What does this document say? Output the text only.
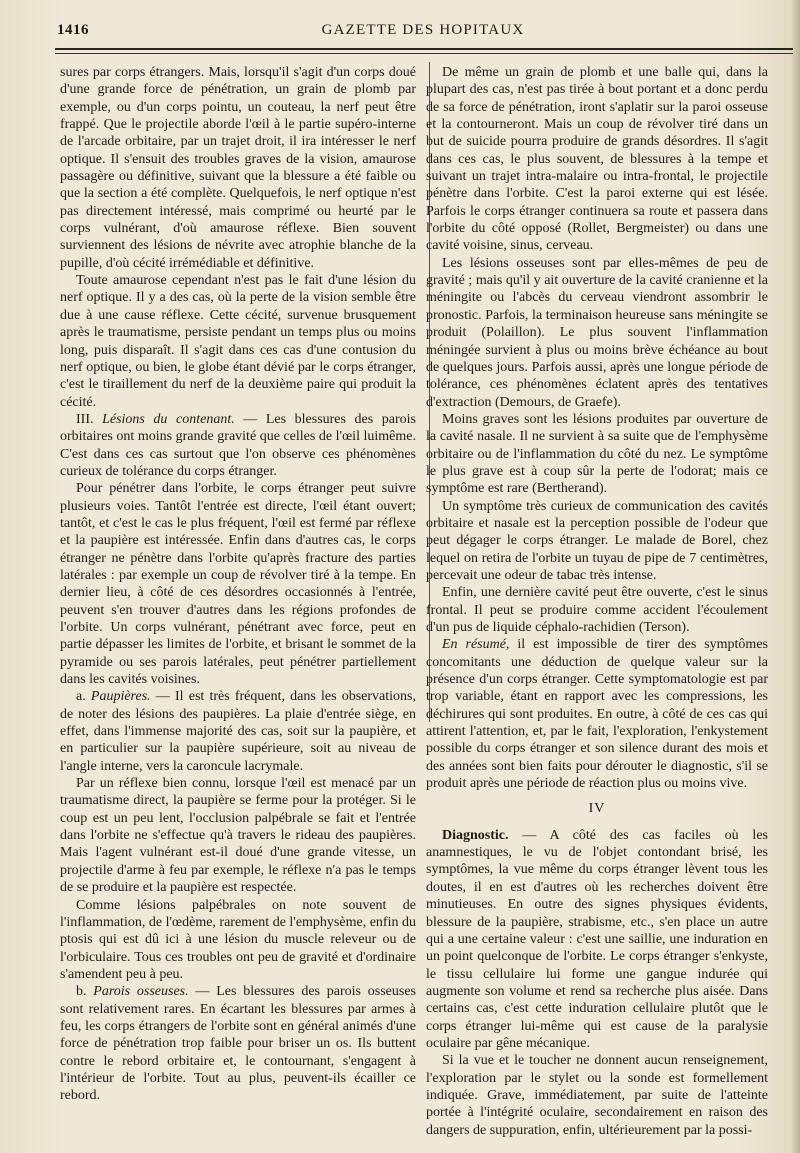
1416	GAZETTE DES HOPITAUX

sures par corps étrangers. Mais, lorsqu'il s'agit d'un corps doué d'une grande force de pénétration, un grain de plomb par exemple, ou d'un corps pointu, un couteau, la nerf peut être frappé. Que le projectile aborde l'œil à le partie supéro-interne de l'arcade orbitaire, par un trajet droit, il ira intéresser le nerf optique. Il s'ensuit des troubles graves de la vision, amaurose passagère ou définitive, suivant que la blessure a été faible ou que la section a été complète. Quelquefois, le nerf optique n'est pas directement intéressé, mais comprimé ou heurté par le corps vulnérant, d'où amaurose réflexe. Bien souvent surviennent des lésions de névrite avec atrophie blanche de la pupille, d'où cécité irrémédiable et définitive.

Toute amaurose cependant n'est pas le fait d'une lésion du nerf optique. Il y a des cas, où la perte de la vision semble être due à une cause réflexe. Cette cécité, survenue brusquement après le traumatisme, persiste pendant un temps plus ou moins long, puis disparaît. Il s'agit dans ces cas d'une contusion du nerf optique, ou bien, le globe étant dévié par le corps étranger, c'est le tiraillement du nerf de la deuxième paire qui produit la cécité.

III. Lésions du contenant. — Les blessures des parois orbitaires ont moins grande gravité que celles de l'œil luimême. C'est dans ces cas surtout que l'on observe ces phénomènes curieux de tolérance du corps étranger.

Pour pénétrer dans l'orbite, le corps étranger peut suivre plusieurs voies. Tantôt l'entrée est directe, l'œil étant ouvert; tantôt, et c'est le cas le plus fréquent, l'œil est fermé par réflexe et la paupière est intéressée. Enfin dans d'autres cas, le corps étranger ne pénètre dans l'orbite qu'après fracture des parties latérales : par exemple un coup de révolver tiré à la tempe. En dernier lieu, à côté de ces désordres occasionnés à l'entrée, peuvent s'en trouver d'autres dans les régions profondes de l'orbite. Un corps vulnérant, pénétrant avec force, peut en partie dépasser les limites de l'orbite, et brisant le sommet de la pyramide ou ses parois latérales, peut pénétrer partiellement dans les cavités voisines.

a. Paupières. — Il est très fréquent, dans les observations, de noter des lésions des paupières. La plaie d'entrée siège, en effet, dans l'immense majorité des cas, soit sur la paupière, et en particulier sur la paupière supérieure, soit au niveau de l'angle interne, vers la caroncule lacrymale.

Par un réflexe bien connu, lorsque l'œil est menacé par un traumatisme direct, la paupière se ferme pour la protéger. Si le coup est un peu lent, l'occlusion palpébrale se fait et l'entrée dans l'orbite ne s'effectue qu'à travers le rideau des paupières. Mais l'agent vulnérant est-il doué d'une grande vitesse, un projectile d'arme à feu par exemple, le réflexe n'a pas le temps de se produire et la paupière est respectée.

Comme lésions palpébrales on note souvent de l'inflammation, de l'œdème, rarement de l'emphysème, enfin du ptosis qui est dû ici à une lésion du muscle releveur ou de l'orbiculaire. Tous ces troubles ont peu de gravité et d'ordinaire s'amendent peu à peu.

b. Parois osseuses. — Les blessures des parois osseuses sont relativement rares. En écartant les blessures par armes à feu, les corps étrangers de l'orbite sont en général animés d'une force de pénétration trop faible pour briser un os. Ils buttent contre le rebord orbitaire et, le contournant, s'engagent à l'intérieur de l'orbite. Tout au plus, peuvent-ils écailler ce rebord.

De même un grain de plomb et une balle qui, dans la plupart des cas, n'est pas tirée à bout portant et a donc perdu de sa force de pénétration, iront s'aplatir sur la paroi osseuse et la contourneront. Mais un coup de révolver tiré dans un but de suicide pourra produire de grands désordres. Il s'agit dans ces cas, le plus souvent, de blessures à la tempe et suivant un trajet intra-malaire ou intra-frontal, le projectile pénètre dans l'orbite. C'est la paroi externe qui est lésée. Parfois le corps étranger continuera sa route et passera dans l'orbite du côté opposé (Rollet, Bergmeister) ou dans une cavité voisine, sinus, cerveau.

Les lésions osseuses sont par elles-mêmes de peu de gravité ; mais qu'il y ait ouverture de la cavité cranienne et la méningite ou l'abcès du cerveau viendront assombrir le pronostic. Parfois, la terminaison heureuse sans méningite se produit (Polaillon). Le plus souvent l'inflammation méningée survient à plus ou moins brève échéance au bout de quelques jours. Parfois aussi, après une longue période de tolérance, ces phénomènes éclatent après des tentatives d'extraction (Demours, de Graefe).

Moins graves sont les lésions produites par ouverture de la cavité nasale. Il ne survient à sa suite que de l'emphysème orbitaire ou de l'inflammation du côté du nez. Le symptôme le plus grave est à coup sûr la perte de l'odorat; mais ce symptôme est rare (Bertherand).

Un symptôme très curieux de communication des cavités orbitaire et nasale est la perception possible de l'odeur que peut dégager le corps étranger. Le malade de Borel, chez lequel on retira de l'orbite un tuyau de pipe de 7 centimètres, percevait une odeur de tabac très intense.

Enfin, une dernière cavité peut être ouverte, c'est le sinus frontal. Il peut se produire comme accident l'écoulement d'un pus de liquide céphalo-rachidien (Terson).

En résumé, il est impossible de tirer des symptômes concomitants une déduction de quelque valeur sur la présence d'un corps étranger. Cette symptomatologie est par trop variable, étant en rapport avec les compressions, les déchirures qui sont produites. En outre, à côté de ces cas qui attirent l'attention, et, par le fait, l'exploration, l'enkystement possible du corps étranger et son silence durant des mois et des années sont bien faits pour dérouter le diagnostic, s'il se produit après une période de réaction plus ou moins vive.

IV

Diagnostic. — A côté des cas faciles où les anamnestiques, le vu de l'objet contondant brisé, les symptômes, la vue même du corps étranger lèvent tous les doutes, il en est d'autres où les recherches doivent être minutieuses. En outre des signes physiques évidents, blessure de la paupière, strabisme, etc., s'en place un autre qui a une certaine valeur : c'est une saillie, une induration en un point quelconque de l'orbite. Le corps étranger s'enkyste, le tissu cellulaire lui forme une gangue indurée qui augmente son volume et rend sa recherche plus aisée. Dans certains cas, c'est cette induration cellulaire plutôt que le corps étranger lui-même qui est cause de la paralysie oculaire par gêne mécanique.

Si la vue et le toucher ne donnent aucun renseignement, l'exploration par le stylet ou la sonde est formellement indiquée. Grave, immédiatement, par suite de l'atteinte portée à l'intégrité oculaire, secondairement en raison des dangers de suppuration, enfin, ultérieurement par la possi-
